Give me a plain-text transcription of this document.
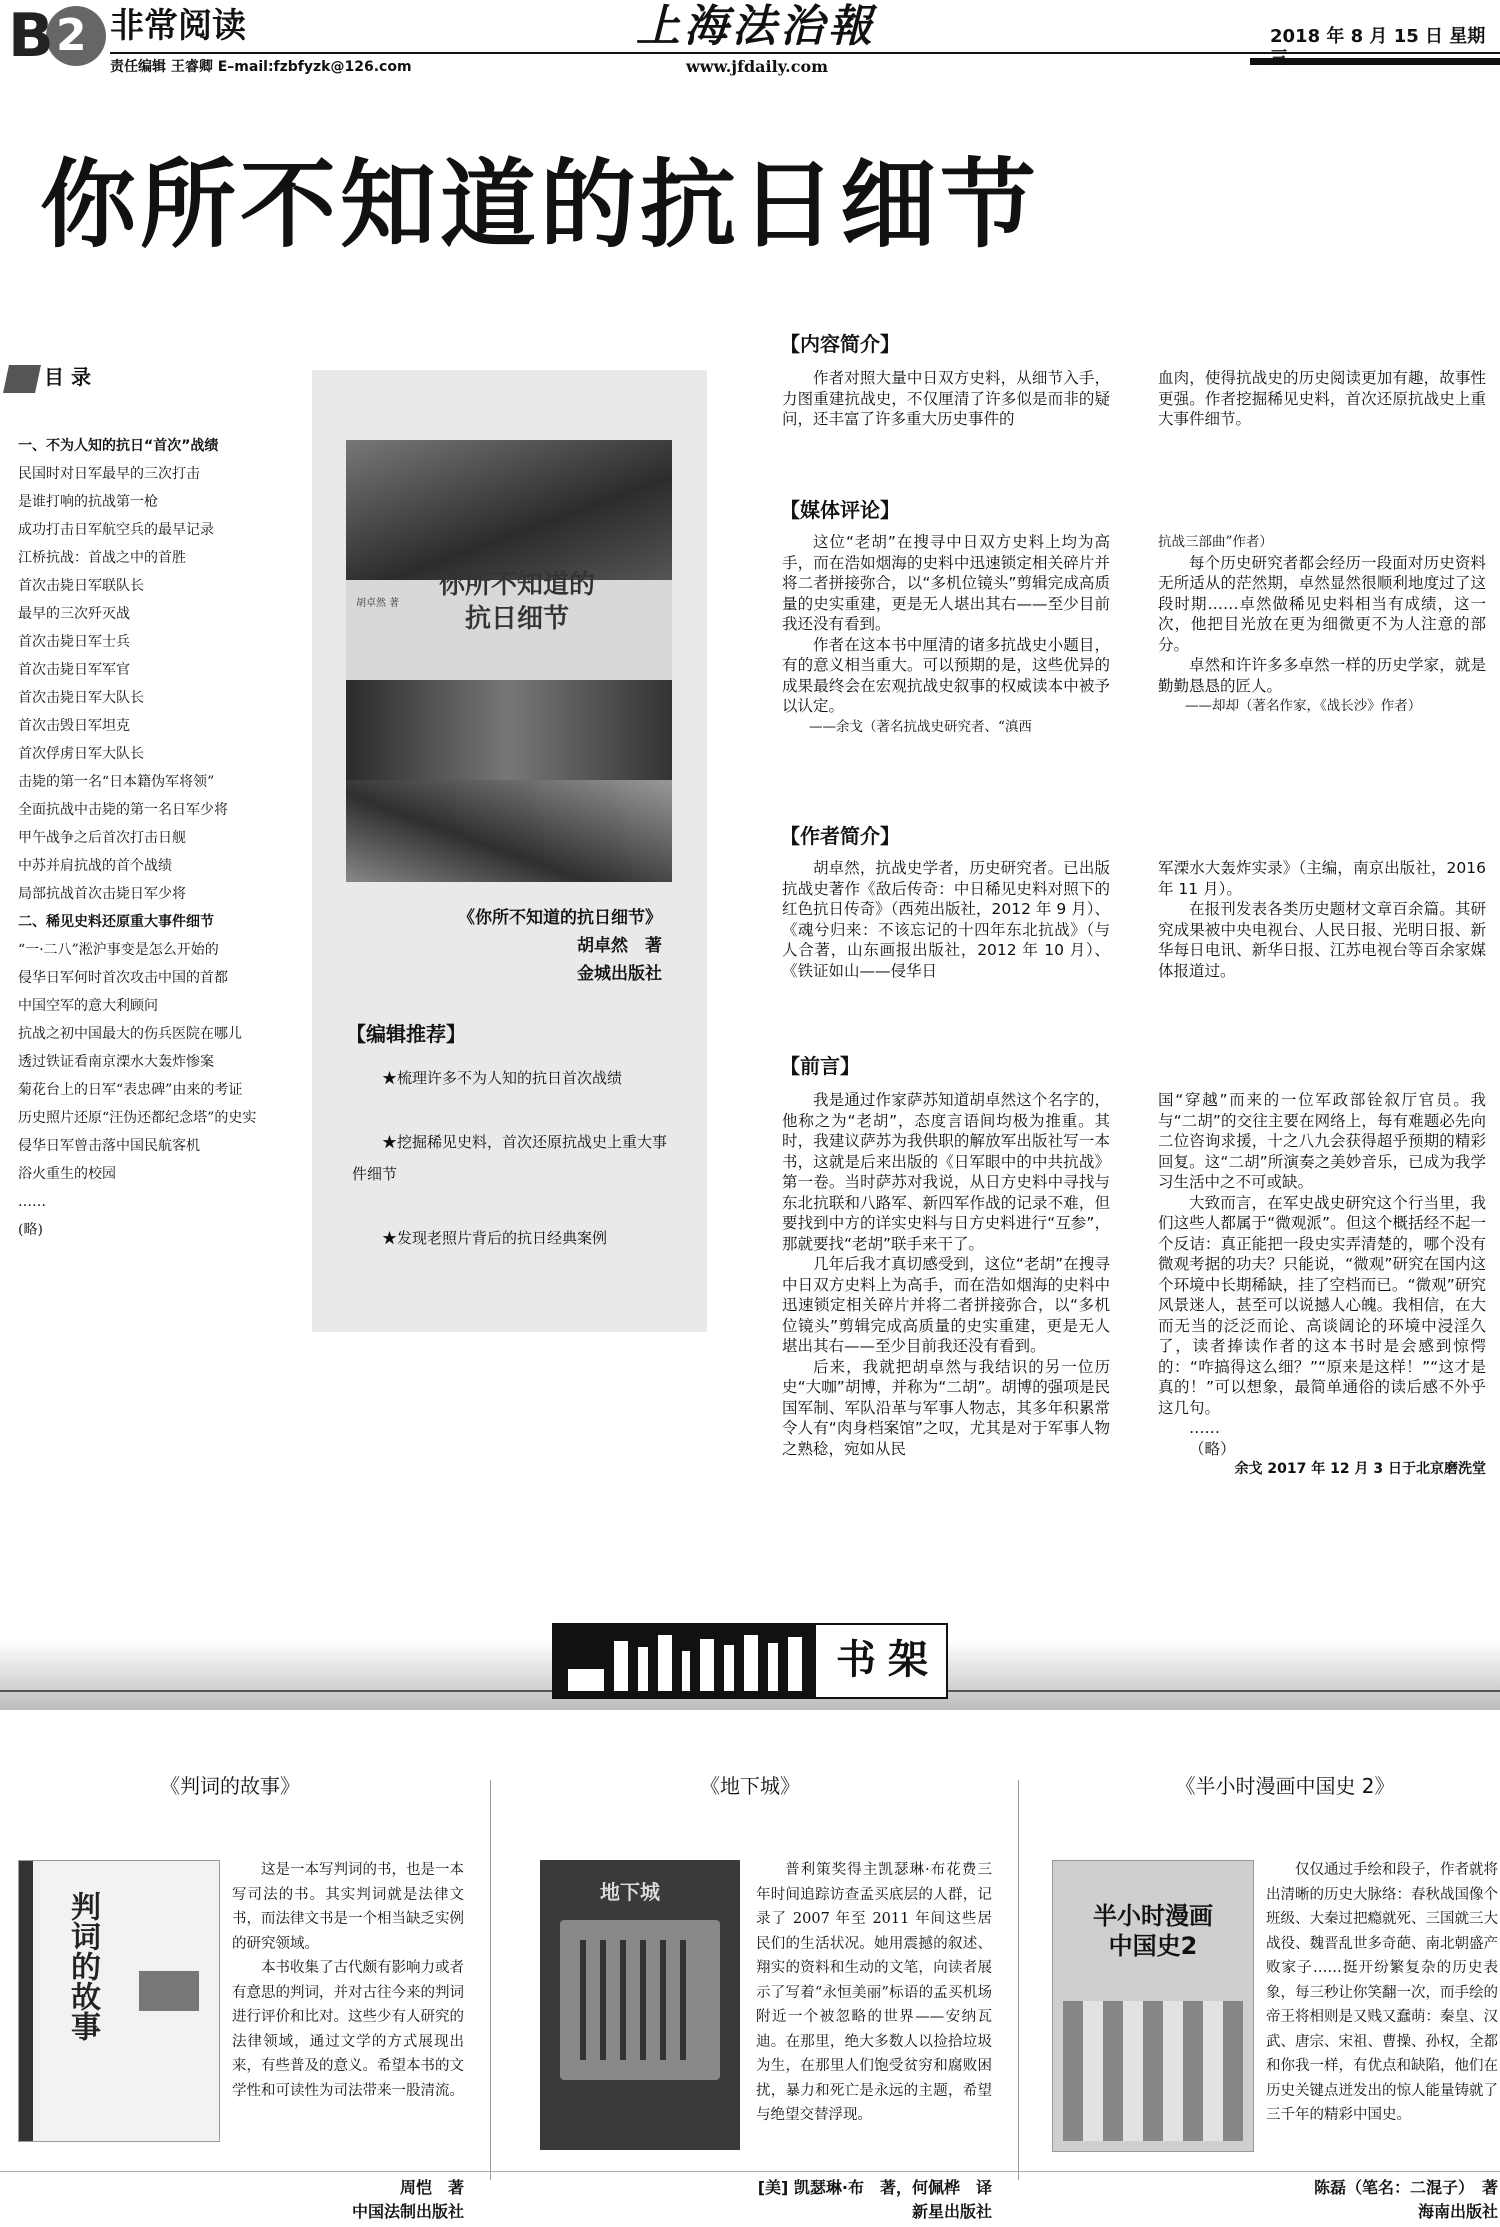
B 2 非常阅读
责任编辑 王睿卿 E–mail:fzbfyzk@126.com
上海法治報
www.jfdaily.com
2018 年 8 月 15 日 星期三
你所不知道的抗日细节
目 录
一、不为人知的抗日“首次”战绩
民国时对日军最早的三次打击
是谁打响的抗战第一枪
成功打击日军航空兵的最早记录
江桥抗战：首战之中的首胜
首次击毙日军联队长
最早的三次歼灭战
首次击毙日军士兵
首次击毙日军军官
首次击毙日军大队长
首次击毁日军坦克
首次俘虏日军大队长
击毙的第一名“日本籍伪军将领”
全面抗战中击毙的第一名日军少将
甲午战争之后首次打击日舰
中苏并肩抗战的首个战绩
局部抗战首次击毙日军少将
二、稀见史料还原重大事件细节
“一·二八”淞沪事变是怎么开始的
侵华日军何时首次攻击中国的首都
中国空军的意大利顾问
抗战之初中国最大的伤兵医院在哪儿
透过铁证看南京溧水大轰炸惨案
菊花台上的日军“表忠碑”由来的考证
历史照片还原“汪伪还都纪念塔”的史实
侵华日军曾击落中国民航客机
浴火重生的校园
……
(略)
你所不知道的抗日细节
胡卓然 著
《你所不知道的抗日细节》
胡卓然　著
金城出版社
【编辑推荐】

★梳理许多不为人知的抗日首次战绩

★挖掘稀见史料，首次还原抗战史上重大事件细节

★发现老照片背后的抗日经典案例

【内容简介】

作者对照大量中日双方史料，从细节入手，力图重建抗战史，不仅厘清了许多似是而非的疑问，还丰富了许多重大历史事件的

血肉，使得抗战史的历史阅读更加有趣，故事性更强。作者挖掘稀见史料，首次还原抗战史上重大事件细节。

【媒体评论】

这位“老胡”在搜寻中日双方史料上均为高手，而在浩如烟海的史料中迅速锁定相关碎片并将二者拼接弥合，以“多机位镜头”剪辑完成高质量的史实重建，更是无人堪出其右——至少目前我还没有看到。

作者在这本书中厘清的诸多抗战史小题目，有的意义相当重大。可以预期的是，这些优异的成果最终会在宏观抗战史叙事的权威读本中被予以认定。

——余戈（著名抗战史研究者、“滇西

抗战三部曲”作者）

每个历史研究者都会经历一段面对历史资料无所适从的茫然期，卓然显然很顺利地度过了这段时期……卓然做稀见史料相当有成绩，这一次，他把目光放在更为细微更不为人注意的部分。

卓然和许许多多卓然一样的历史学家，就是勤勤恳恳的匠人。

——却却（著名作家，《战长沙》作者）

【作者简介】

胡卓然，抗战史学者，历史研究者。已出版抗战史著作《敌后传奇：中日稀见史料对照下的红色抗日传奇》（西苑出版社，2012 年 9 月）、《魂兮归来：不该忘记的十四年东北抗战》（与人合著，山东画报出版社，2012 年 10 月）、《铁证如山——侵华日

军溧水大轰炸实录》（主编，南京出版社，2016 年 11 月）。

在报刊发表各类历史题材文章百余篇。其研究成果被中央电视台、人民日报、光明日报、新华每日电讯、新华日报、江苏电视台等百余家媒体报道过。

【前言】

我是通过作家萨苏知道胡卓然这个名字的，他称之为“老胡”，态度言语间均极为推重。其时，我建议萨苏为我供职的解放军出版社写一本书，这就是后来出版的《日军眼中的中共抗战》第一卷。当时萨苏对我说，从日方史料中寻找与东北抗联和八路军、新四军作战的记录不难，但要找到中方的详实史料与日方史料进行“互参”，那就要找“老胡”联手来干了。

几年后我才真切感受到，这位“老胡”在搜寻中日双方史料上为高手，而在浩如烟海的史料中迅速锁定相关碎片并将二者拼接弥合，以“多机位镜头”剪辑完成高质量的史实重建，更是无人堪出其右——至少目前我还没有看到。

后来，我就把胡卓然与我结识的另一位历史“大咖”胡博，并称为“二胡”。胡博的强项是民国军制、军队沿革与军事人物志，其多年积累常令人有“肉身档案馆”之叹，尤其是对于军事人物之熟稔，宛如从民

国“穿越”而来的一位军政部铨叙厅官员。我与“二胡”的交往主要在网络上，每有难题必先向二位咨询求援，十之八九会获得超乎预期的精彩回复。这“二胡”所演奏之美妙音乐，已成为我学习生活中之不可或缺。

大致而言，在军史战史研究这个行当里，我们这些人都属于“微观派”。但这个概括经不起一个反诘：真正能把一段史实弄清楚的，哪个没有微观考据的功夫？只能说，“微观”研究在国内这个环境中长期稀缺，挂了空档而已。“微观”研究风景迷人，甚至可以说撼人心魄。我相信，在大而无当的泛泛而论、高谈阔论的环境中浸淫久了，读者捧读作者的这本书时是会感到惊愕的：“咋搞得这么细？”“原来是这样！”“这才是真的！”可以想象，最简单通俗的读后感不外乎这几句。

……

（略）

余戈 2017 年 12 月 3 日于北京磨洗堂

书架
《判词的故事》
判词的故事

这是一本写判词的书，也是一本写司法的书。其实判词就是法律文书，而法律文书是一个相当缺乏实例的研究领域。

本书收集了古代颇有影响力或者有意思的判词，并对古往今来的判词进行评价和比对。这些少有人研究的法律领域，通过文学的方式展现出来，有些普及的意义。希望本书的文学性和可读性为司法带来一股清流。

周恺　著
中国法制出版社
《地下城》
地下城

普利策奖得主凯瑟琳·布花费三年时间追踪访查孟买底层的人群，记录了 2007 年至 2011 年间这些居民们的生活状况。她用震撼的叙述、翔实的资料和生动的文笔，向读者展示了写着“永恒美丽”标语的孟买机场附近一个被忽略的世界——安纳瓦迪。在那里，绝大多数人以捡拾垃圾为生，在那里人们饱受贫穷和腐败困扰，暴力和死亡是永远的主题，希望与绝望交替浮现。

[美] 凯瑟琳·布　著，何佩桦　译
新星出版社
《半小时漫画中国史 2》
半小时漫画中国史2

仅仅通过手绘和段子，作者就将出清晰的历史大脉络：春秋战国像个班级、大秦过把瘾就死、三国就三大战役、魏晋乱世多奇葩、南北朝盛产败家子……挺开纷繁复杂的历史表象，每三秒让你笑翻一次，而手绘的帝王将相则是又贱又蠢萌：秦皇、汉武、唐宗、宋祖、曹操、孙权，全都和你我一样，有优点和缺陷，他们在历史关键点迸发出的惊人能量铸就了三千年的精彩中国史。

陈磊（笔名：二混子）　著
海南出版社
